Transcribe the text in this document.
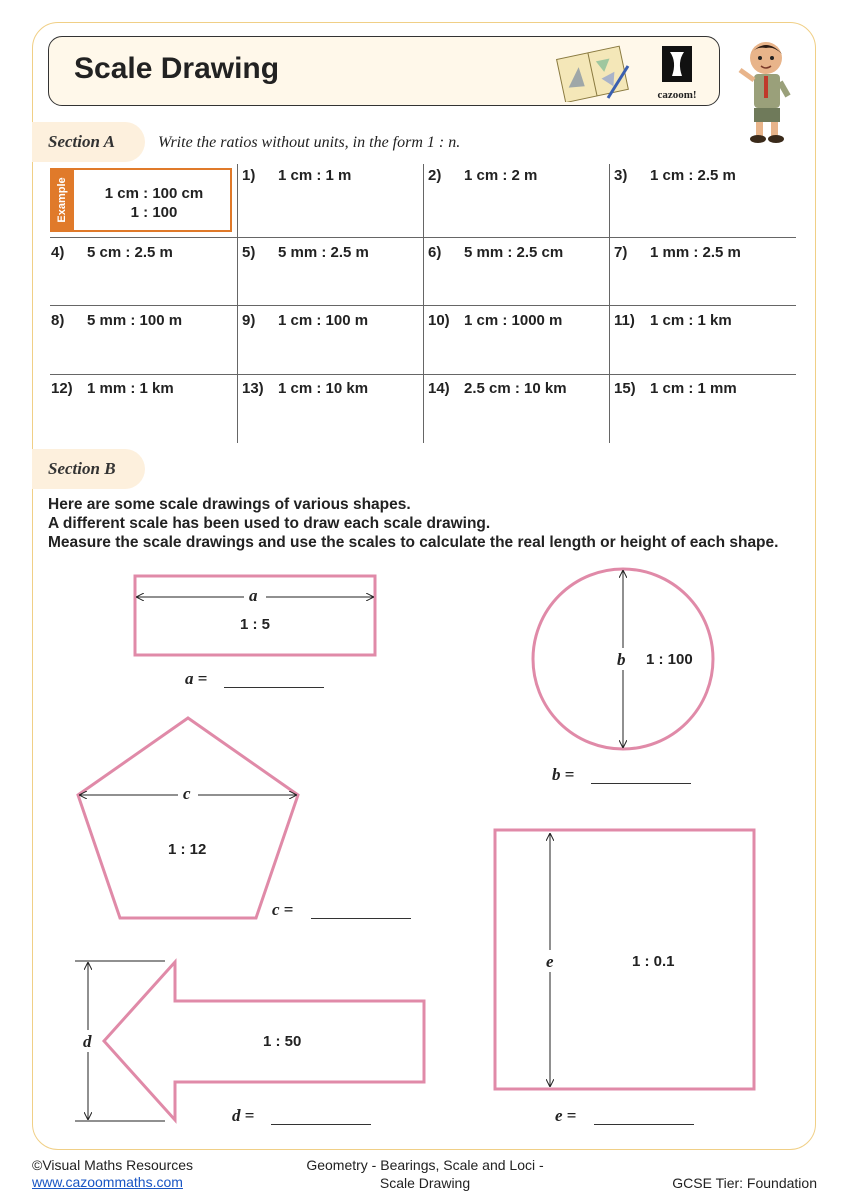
Scale Drawing
cazoom!
Section A	Write the ratios without units, in the form 1 : n.
Example	1 cm : 100 cm
1 : 100
1) 1 cm : 1 m	2) 1 cm : 2 m	3) 1 cm : 2.5 m
4) 5 cm : 2.5 m	5) 5 mm : 2.5 m	6) 5 mm : 2.5 cm	7) 1 mm : 2.5 m
8) 5 mm : 100 m	9) 1 cm : 100 m	10) 1 cm : 1000 m	11) 1 cm : 1 km
12) 1 mm : 1 km	13) 1 cm : 10 km	14) 2.5 cm : 10 km	15) 1 cm : 1 mm
Section B
Here are some scale drawings of various shapes.
A different scale has been used to draw each scale drawing.
Measure the scale drawings and use the scales to calculate the real length or height of each shape.
a
1 : 5
b 1 : 100
c
1 : 12
d	1 : 50
e	1 : 0.1
a =
b =
c =
d =	e =
©Visual Maths Resources
www.cazoommaths.com
Geometry - Bearings, Scale and Loci -
Scale Drawing	GCSE Tier: Foundation
